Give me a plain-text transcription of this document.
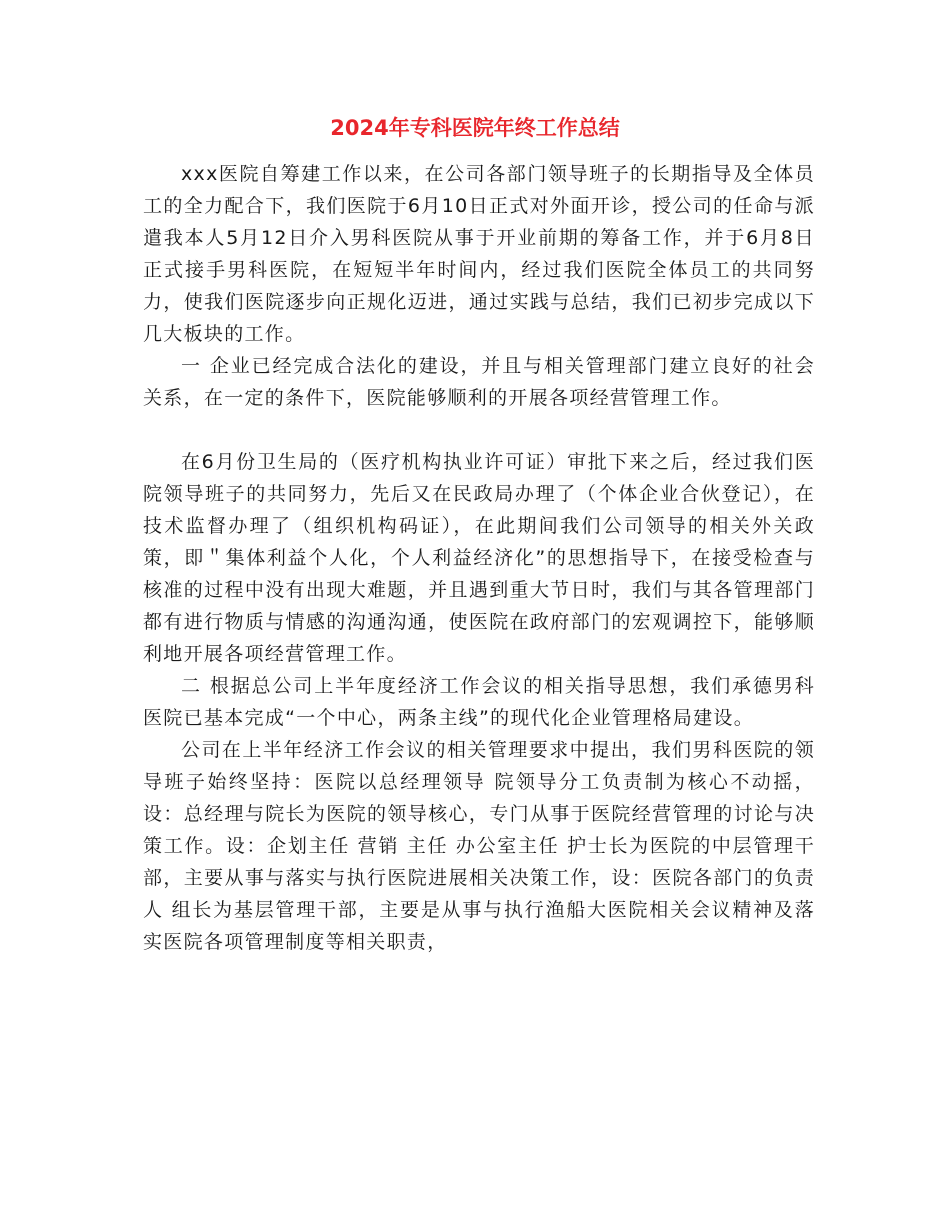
2024年专科医院年终工作总结

xxx医院自筹建工作以来，在公司各部门领导班子的长期指导及全体员工的全力配合下，我们医院于6月10日正式对外面开诊，授公司的任命与派遣我本人5月12日介入男科医院从事于开业前期的筹备工作，并于6月8日正式接手男科医院，在短短半年时间内，经过我们医院全体员工的共同努力，使我们医院逐步向正规化迈进，通过实践与总结，我们已初步完成以下几大板块的工作。

一 企业已经完成合法化的建设，并且与相关管理部门建立良好的社会关系，在一定的条件下，医院能够顺利的开展各项经营管理工作。

在6月份卫生局的（医疗机构执业许可证）审批下来之后，经过我们医院领导班子的共同努力，先后又在民政局办理了（个体企业合伙登记），在技术监督办理了（组织机构码证），在此期间我们公司领导的相关外关政策，即＂集体利益个人化，个人利益经济化”的思想指导下，在接受检查与核准的过程中没有出现大难题，并且遇到重大节日时，我们与其各管理部门都有进行物质与情感的沟通沟通，使医院在政府部门的宏观调控下，能够顺利地开展各项经营管理工作。

二 根据总公司上半年度经济工作会议的相关指导思想，我们承德男科医院已基本完成“一个中心，两条主线”的现代化企业管理格局建设。

公司在上半年经济工作会议的相关管理要求中提出，我们男科医院的领导班子始终坚持：医院以总经理领导 院领导分工负责制为核心不动摇，设：总经理与院长为医院的领导核心，专门从事于医院经营管理的讨论与决策工作。设：企划主任 营销 主任 办公室主任 护士长为医院的中层管理干部，主要从事与落实与执行医院进展相关决策工作，设：医院各部门的负责人 组长为基层管理干部，主要是从事与执行渔船大医院相关会议精神及落实医院各项管理制度等相关职责，
